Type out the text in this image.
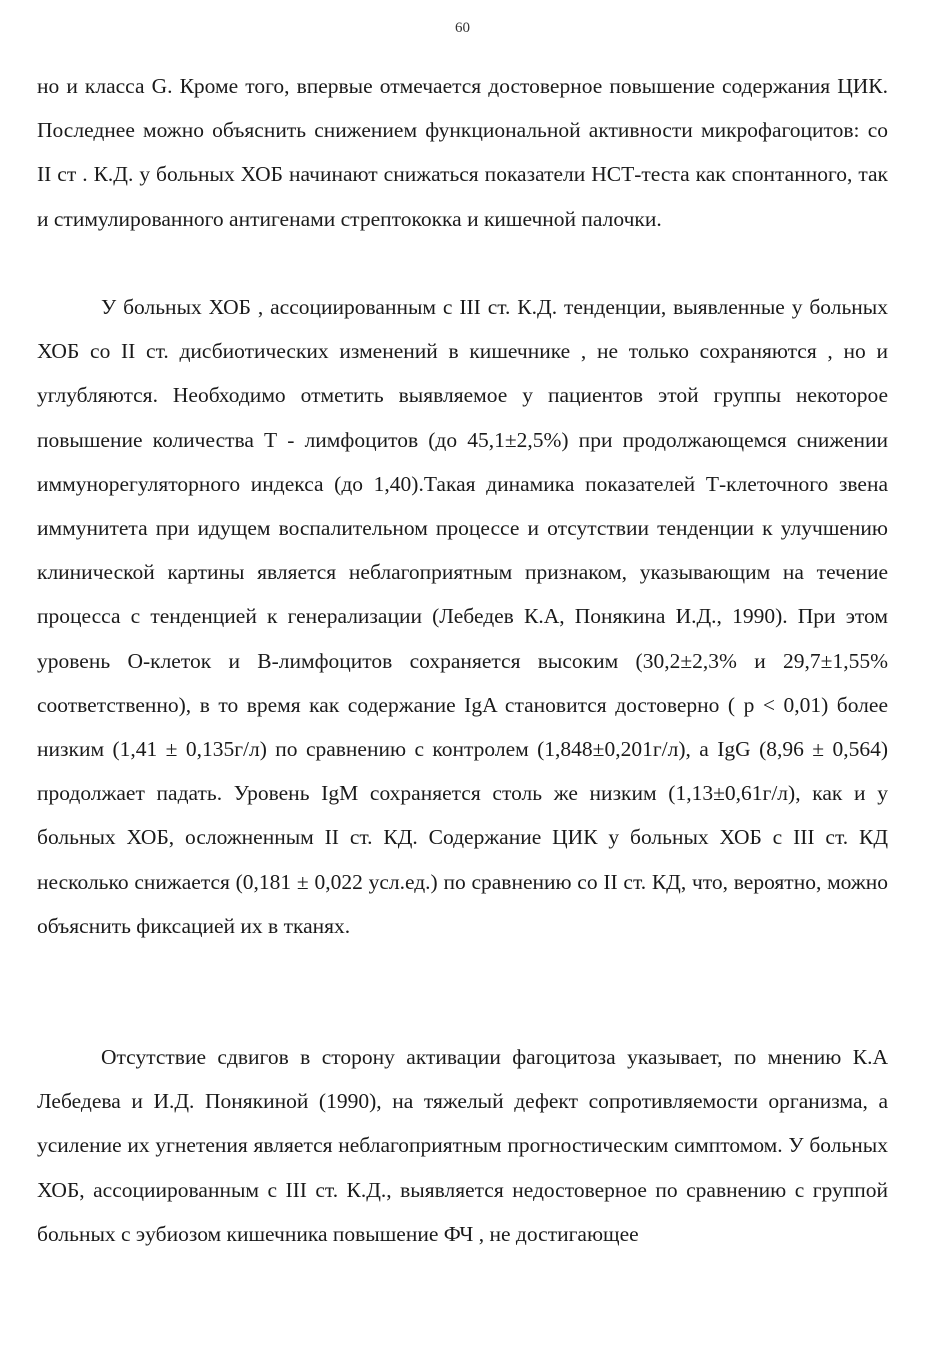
60

но и класса G. Кроме того, впервые отмечается достоверное повышение содержания ЦИК. Последнее можно объяснить снижением функциональной активности микрофагоцитов: со II ст . К.Д. у больных ХОБ начинают снижаться показатели НСТ-теста как спонтанного, так и стимулированного антигенами стрептококка и кишечной палочки.

У больных ХОБ , ассоциированным с III ст. К.Д. тенденции, выявленные у больных ХОБ со II ст. дисбиотических изменений в кишечнике , не только сохраняются , но и углубляются. Необходимо отметить выявляемое у пациентов этой группы некоторое повышение количества Т - лимфоцитов (до 45,1±2,5%) при продолжающемся снижении иммунорегуляторного индекса (до 1,40).Такая динамика показателей Т-клеточного звена иммунитета при идущем воспалительном процессе и отсутствии тенденции к улучшению клинической картины является неблагоприятным признаком, указывающим на течение процесса с тенденцией к генерализации (Лебедев К.А, Понякина И.Д., 1990). При этом уровень О-клеток и В-лимфоцитов сохраняется высоким (30,2±2,3% и 29,7±1,55% соответственно), в то время как содержание IgA становится достоверно ( р < 0,01) более низким (1,41 ± 0,135г/л) по сравнению с контролем (1,848±0,201г/л), а IgG (8,96 ± 0,564) продолжает падать. Уровень IgM сохраняется столь же низким (1,13±0,61г/л), как и у больных ХОБ, осложненным II ст. КД. Содержание ЦИК у больных ХОБ с III ст. КД несколько снижается (0,181 ± 0,022 усл.ед.) по сравнению со II ст. КД, что, вероятно, можно объяснить фиксацией их в тканях.

Отсутствие сдвигов в сторону активации фагоцитоза указывает, по мнению К.А Лебедева и И.Д. Понякиной (1990), на тяжелый дефект сопротивляемости организма, а усиление их угнетения является неблагоприятным прогностическим симптомом. У больных ХОБ, ассоциированным с III ст. К.Д., выявляется недостоверное по сравнению с группой больных с эубиозом кишечника повышение ФЧ , не достигающее
